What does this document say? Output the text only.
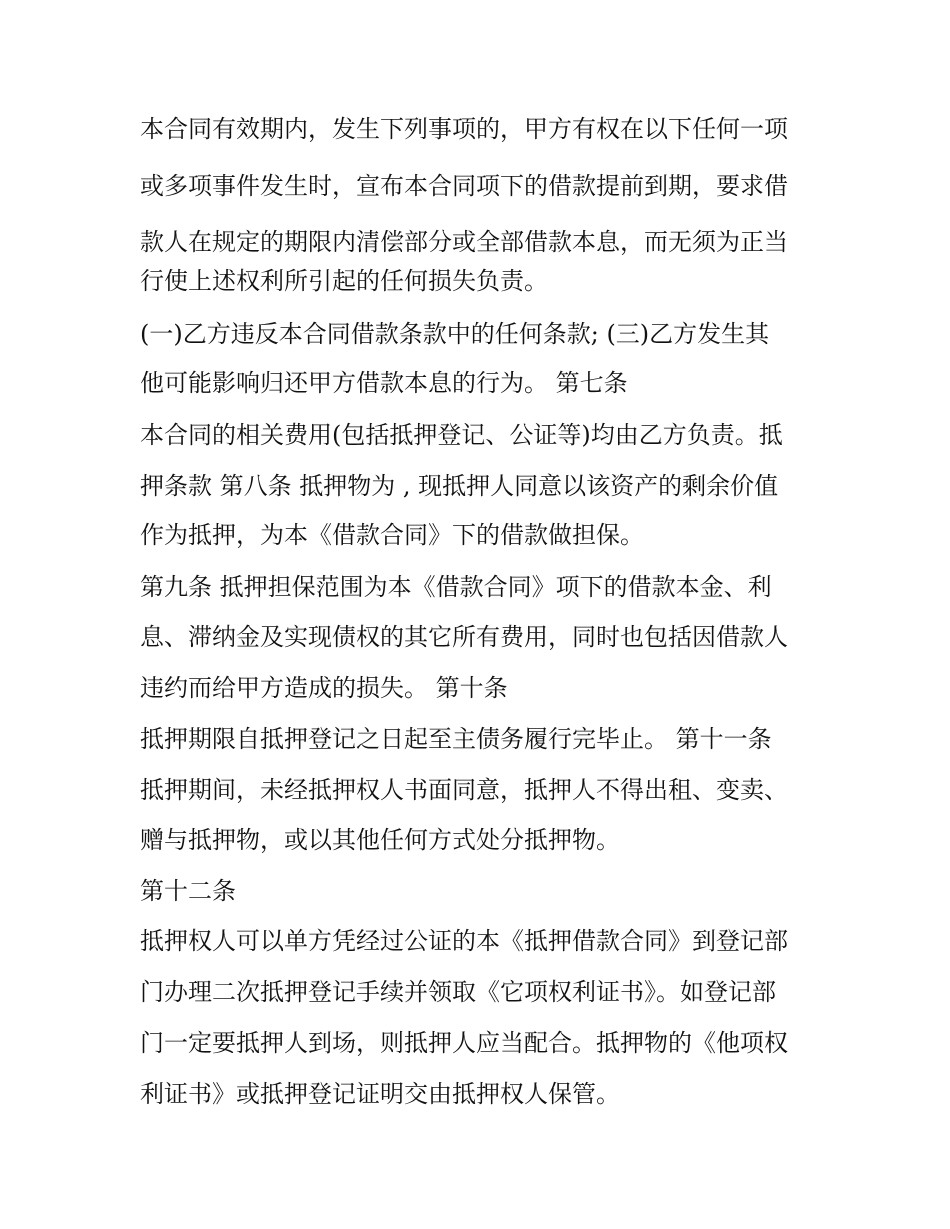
本合同有效期内，发生下列事项的，甲方有权在以下任何一项

或多项事件发生时，宣布本合同项下的借款提前到期，要求借

款人在规定的期限内清偿部分或全部借款本息，而无须为正当

行使上述权利所引起的任何损失负责。

(一)乙方违反本合同借款条款中的任何条款; (三)乙方发生其

他可能影响归还甲方借款本息的行为。 第七条

本合同的相关费用(包括抵押登记、公证等)均由乙方负责。抵

押条款 第八条 抵押物为 , 现抵押人同意以该资产的剩余价值

作为抵押，为本《借款合同》下的借款做担保。

第九条 抵押担保范围为本《借款合同》项下的借款本金、利

息、滞纳金及实现债权的其它所有费用，同时也包括因借款人

违约而给甲方造成的损失。 第十条

抵押期限自抵押登记之日起至主债务履行完毕止。 第十一条

抵押期间，未经抵押权人书面同意，抵押人不得出租、变卖、

赠与抵押物，或以其他任何方式处分抵押物。

第十二条

抵押权人可以单方凭经过公证的本《抵押借款合同》到登记部

门办理二次抵押登记手续并领取《它项权利证书》。如登记部

门一定要抵押人到场，则抵押人应当配合。抵押物的《他项权

利证书》或抵押登记证明交由抵押权人保管。
